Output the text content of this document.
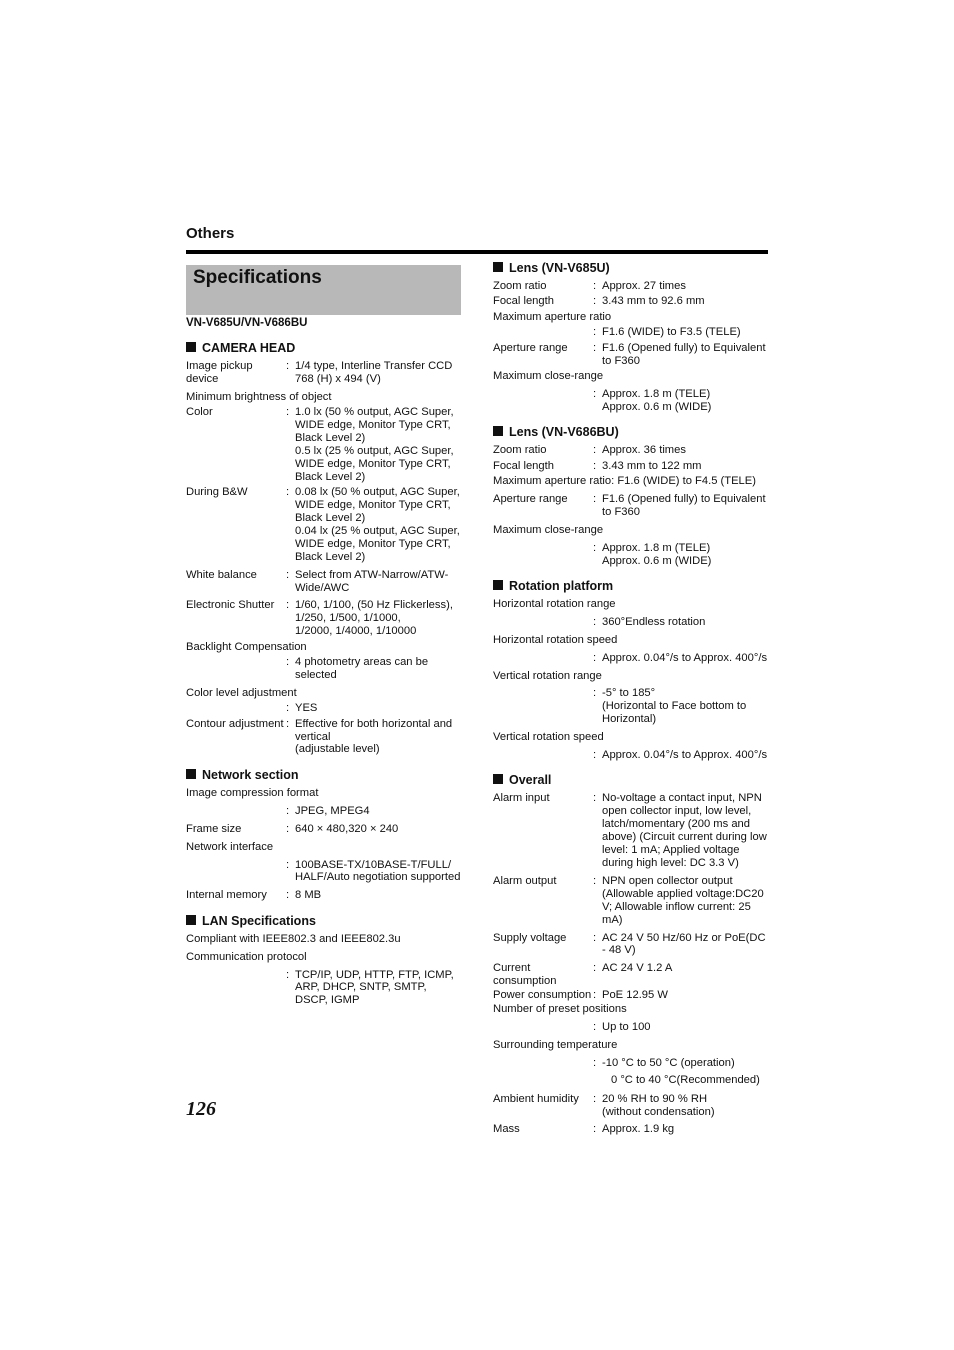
Others
Specifications
VN-V685U/VN-V686BU
CAMERA HEAD
Image pickup device
: 1/4 type, Interline Transfer CCD 768 (H) x 494 (V)
Minimum brightness of object
Color	: 1.0 lx (50 % output, AGC Super, WIDE edge, Monitor Type CRT, Black Level 2)
0.5 lx (25 % output, AGC Super, WIDE edge, Monitor Type CRT, Black Level 2)
During B&W	: 0.08 lx (50 % output, AGC Super, WIDE edge, Monitor Type CRT, Black Level 2)
0.04 lx (25 % output, AGC Super, WIDE edge, Monitor Type CRT, Black Level 2)
White balance	: Select from ATW-Narrow/ATW-Wide/AWC
Electronic Shutter	: 1/60, 1/100, (50 Hz Flickerless), 1/250, 1/500, 1/1000,
1/2000, 1/4000, 1/10000
Backlight Compensation
: 4 photometry areas can be selected
Color level adjustment
: YES
Contour adjustment : Effective for both horizontal and vertical
(adjustable level)
Network section
Image compression format
: JPEG, MPEG4
Frame size	: 640 × 480,320 × 240
Network interface
: 100BASE-TX/10BASE-T/FULL/ HALF/Auto negotiation supported
Internal memory	: 8 MB
LAN Specifications
Compliant with IEEE802.3 and IEEE802.3u
Communication protocol
: TCP/IP, UDP, HTTP, FTP, ICMP, ARP, DHCP, SNTP, SMTP, DSCP, IGMP
Lens (VN-V685U)
Zoom ratio	: Approx. 27 times
Focal length	: 3.43 mm to 92.6 mm
Maximum aperture ratio
: F1.6 (WIDE) to F3.5 (TELE)
Aperture range	: F1.6 (Opened fully) to Equivalent to F360
Maximum close-range
: Approx. 1.8 m (TELE)
Approx. 0.6 m (WIDE)
Lens (VN-V686BU)
Zoom ratio	: Approx. 36 times
Focal length	: 3.43 mm to 122 mm
Maximum aperture ratio: F1.6 (WIDE) to F4.5 (TELE)
Aperture range	: F1.6 (Opened fully) to Equivalent to F360
Maximum close-range
: Approx. 1.8 m (TELE)
Approx. 0.6 m (WIDE)
Rotation platform
Horizontal rotation range
: 360°Endless rotation
Horizontal rotation speed
: Approx. 0.04°/s to Approx. 400°/s
Vertical rotation range
: -5° to 185°
(Horizontal to Face bottom to Horizontal)
Vertical rotation speed
: Approx. 0.04°/s to Approx. 400°/s
Overall
Alarm input	: No-voltage a contact input, NPN open collector input, low level, latch/momentary (200 ms and above) (Circuit current during low level: 1 mA; Applied voltage during high level: DC 3.3 V)
Alarm output	: NPN open collector output (Allowable applied voltage:DC20 V; Allowable inflow current: 25 mA)
Supply voltage	: AC 24 V 50 Hz/60 Hz or PoE(DC - 48 V)
Current consumption
: AC 24 V 1.2 A
Power consumption : PoE 12.95 W
Number of preset positions
: Up to 100
Surrounding temperature
: -10 °C to 50 °C (operation)
0 °C to 40 °C(Recommended)
Ambient humidity	: 20 % RH to 90 % RH
(without condensation)
Mass	: Approx. 1.9 kg
126
